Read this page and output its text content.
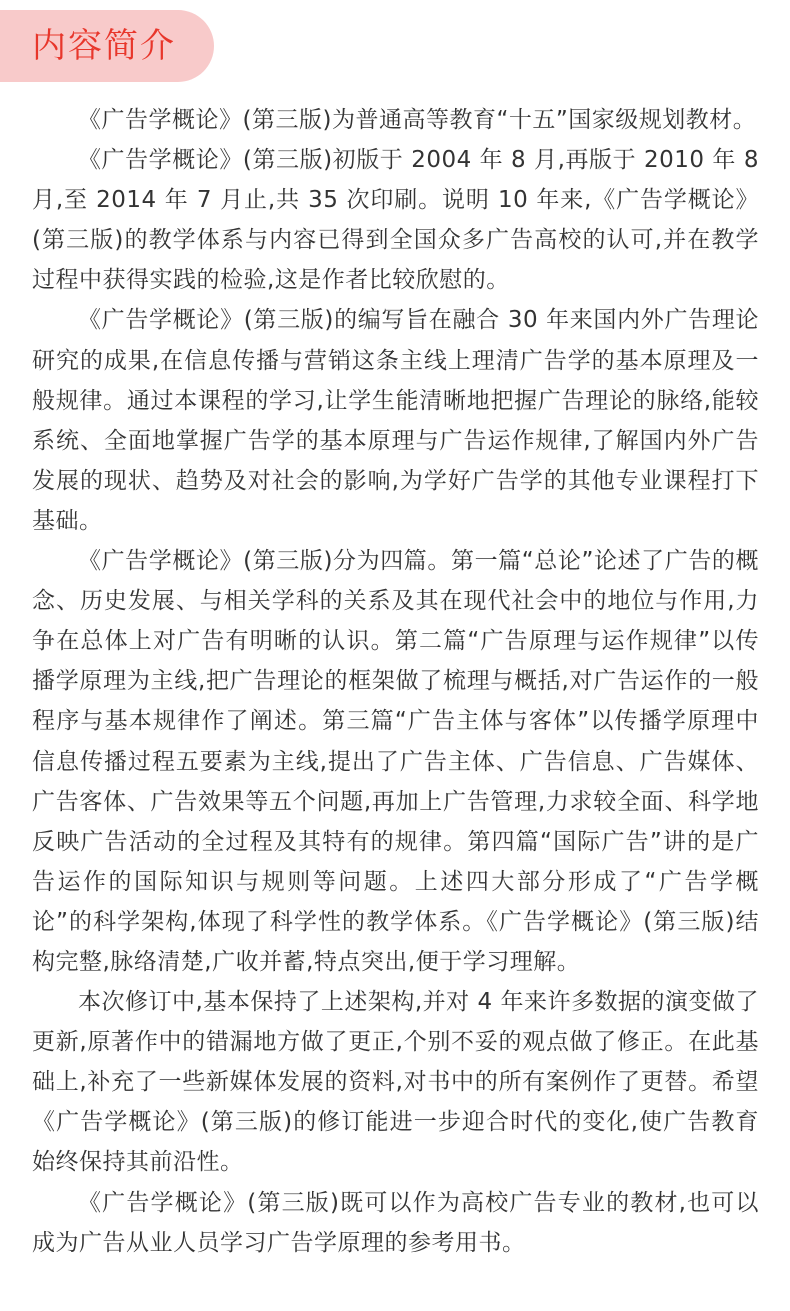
内容简介

《广告学概论》(第三版)为普通高等教育“十五”国家级规划教材。

《广告学概论》(第三版)初版于 2004 年 8 月,再版于 2010 年 8 月,至 2014 年 7 月止,共 35 次印刷。说明 10 年来,《广告学概论》(第三版)的教学体系与内容已得到全国众多广告高校的认可,并在教学过程中获得实践的检验,这是作者比较欣慰的。

《广告学概论》(第三版)的编写旨在融合 30 年来国内外广告理论研究的成果,在信息传播与营销这条主线上理清广告学的基本原理及一般规律。通过本课程的学习,让学生能清晰地把握广告理论的脉络,能较系统、全面地掌握广告学的基本原理与广告运作规律,了解国内外广告发展的现状、趋势及对社会的影响,为学好广告学的其他专业课程打下基础。

《广告学概论》(第三版)分为四篇。第一篇“总论”论述了广告的概念、历史发展、与相关学科的关系及其在现代社会中的地位与作用,力争在总体上对广告有明晰的认识。第二篇“广告原理与运作规律”以传播学原理为主线,把广告理论的框架做了梳理与概括,对广告运作的一般程序与基本规律作了阐述。第三篇“广告主体与客体”以传播学原理中信息传播过程五要素为主线,提出了广告主体、广告信息、广告媒体、广告客体、广告效果等五个问题,再加上广告管理,力求较全面、科学地反映广告活动的全过程及其特有的规律。第四篇“国际广告”讲的是广告运作的国际知识与规则等问题。上述四大部分形成了“广告学概论”的科学架构,体现了科学性的教学体系。《广告学概论》(第三版)结构完整,脉络清楚,广收并蓄,特点突出,便于学习理解。

本次修订中,基本保持了上述架构,并对 4 年来许多数据的演变做了更新,原著作中的错漏地方做了更正,个别不妥的观点做了修正。在此基础上,补充了一些新媒体发展的资料,对书中的所有案例作了更替。希望《广告学概论》(第三版)的修订能进一步迎合时代的变化,使广告教育始终保持其前沿性。

《广告学概论》(第三版)既可以作为高校广告专业的教材,也可以成为广告从业人员学习广告学原理的参考用书。
